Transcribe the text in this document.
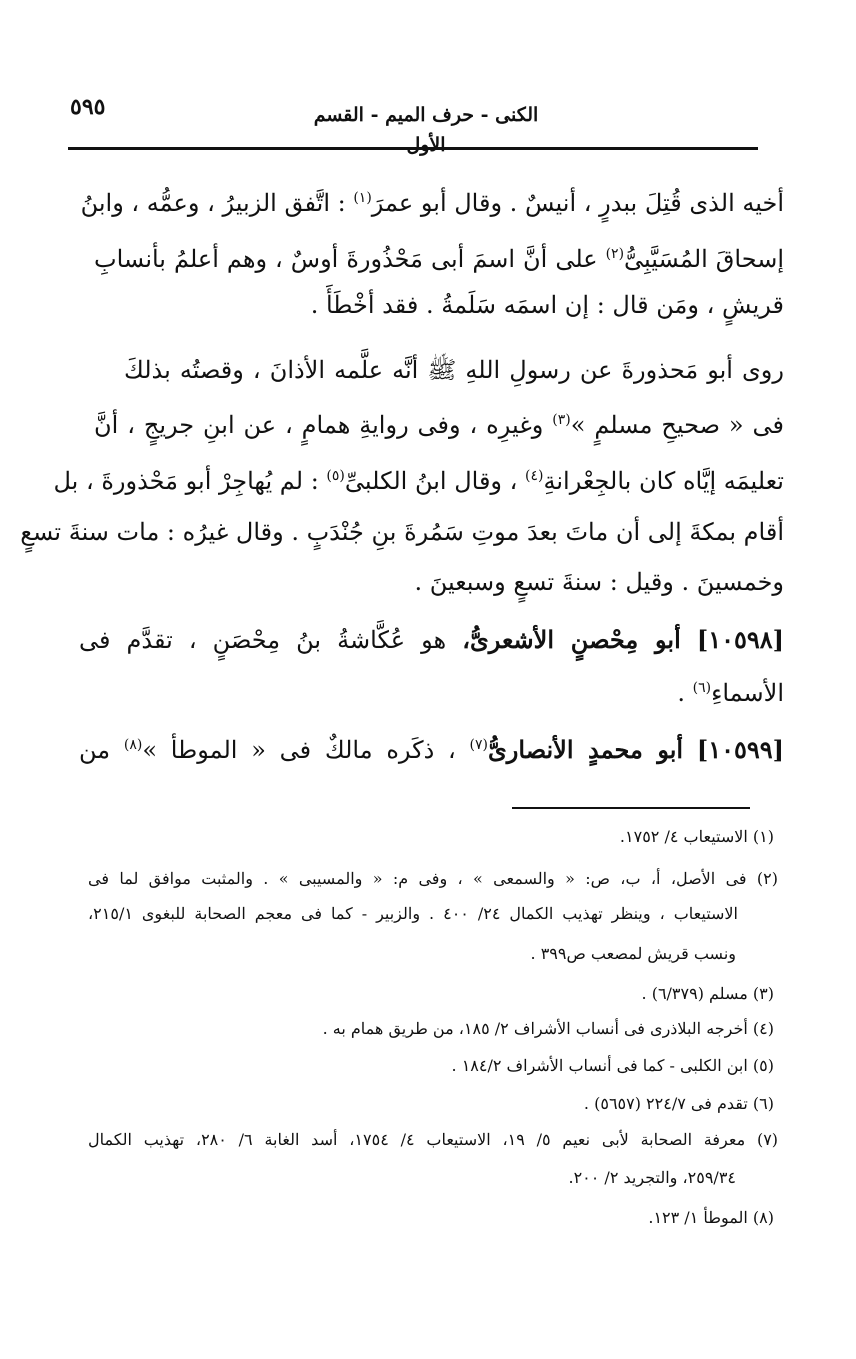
الكنى - حرف الميم - القسم الأول
٥٩٥
أخيه الذى قُتِلَ ببدرٍ ، أنيسٌ . وقال أبو عمرَ$^{(١)}$ : اتَّفق الزبيرُ ، وعمُّه ، وابنُ
إسحاقَ المُسَيَّبِىُّ$^{(٢)}$ على أنَّ اسمَ أبى مَحْذُورةَ أوسٌ ، وهم أعلمُ بأنسابِ
قريشٍ ، ومَن قال : إن اسمَه سَلَمةُ . فقد أخْطَأَ .
روى أبو مَحذورةَ عن رسولِ اللهِ ﷺ أنَّه علَّمه الأذانَ ، وقصتُه بذلكَ
فى « صحيحِ مسلمٍ »$^{(٣)}$ وغيرِه ، وفى روايةِ همامٍ ، عن ابنِ جريجٍ ، أنَّ
تعليمَه إيَّاه كان بالجِعْرانةِ$^{(٤)}$ ، وقال ابنُ الكلبىِّ$^{(٥)}$ : لم يُهاجِرْ أبو مَحْذورةَ ، بل
أقام بمكةَ إلى أن ماتَ بعدَ موتِ سَمُرةَ بنِ جُنْدَبٍ . وقال غيرُه : مات سنةَ تسعٍ
وخمسينَ . وقيل : سنةَ تسعٍ وسبعينَ .
[١٠٥٩٨] أبو مِحْصنٍ الأشعرىُّ، هو عُكَّاشةُ بنُ مِحْصَنٍ ، تقدَّم فى
الأسماءِ$^{(٦)}$ .
[١٠٥٩٩] أبو محمدٍ الأنصارىُّ$^{(٧)}$ ، ذكَره مالكٌ فى « الموطأ »$^{(٨)}$ من
(١) الاستيعاب ٤/ ١٧٥٢.
(٢) فى الأصل، أ، ب، ص: « والسمعى » ، وفى م: « والمسيبى » . والمثبت موافق لما فى
الاستيعاب ، وينظر تهذيب الكمال ٢٤/ ٤٠٠ . والزبير - كما فى معجم الصحابة للبغوى ٢١٥/١،
ونسب قريش لمصعب ص٣٩٩ .
(٣) مسلم (٦/٣٧٩) .
(٤) أخرجه البلاذرى فى أنساب الأشراف ٢/ ١٨٥، من طريق همام به .
(٥) ابن الكلبى - كما فى أنساب الأشراف ١٨٤/٢ .
(٦) تقدم فى ٢٢٤/٧ (٥٦٥٧) .
(٧) معرفة الصحابة لأبى نعيم ٥/ ١٩، الاستيعاب ٤/ ١٧٥٤، أسد الغابة ٦/ ٢٨٠، تهذيب الكمال
٢٥٩/٣٤، والتجريد ٢/ ٢٠٠.
(٨) الموطأ ١/ ١٢٣.
